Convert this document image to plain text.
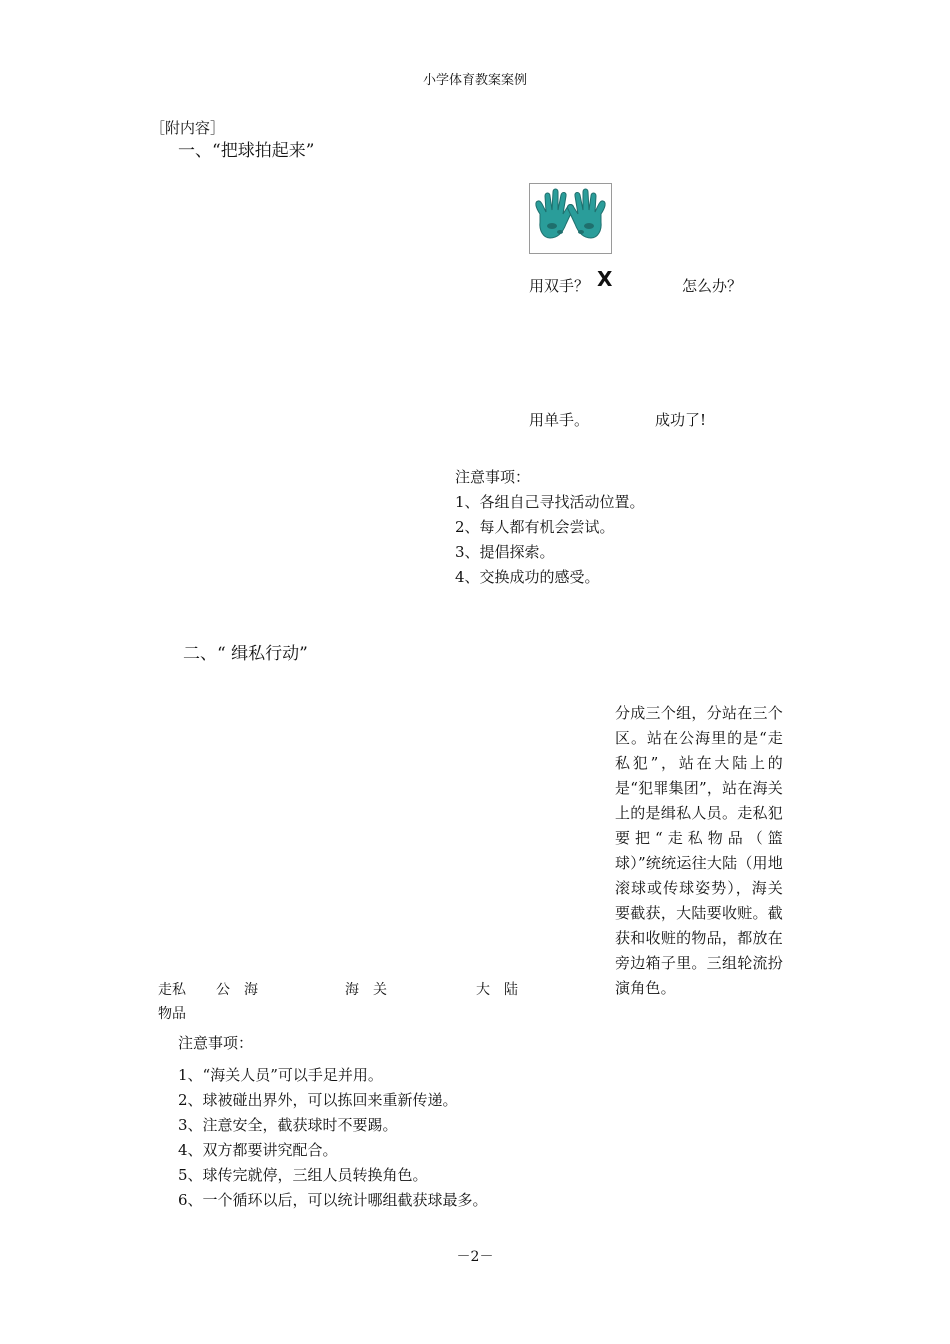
小学体育教案案例
［附内容］
一、“把球拍起来”
用双手？ X	怎么办？
用单手。	成功了!
注意事项：
1、各组自己寻找活动位置。
2、每人都有机会尝试。
3、提倡探索。
4、交换成功的感受。
二、“ 缉私行动”
分成三个组，分站在三个区。站在公海里的是“走私犯”，站在大陆上的是“犯罪集团”，站在海关上的是缉私人员。走私犯要把“走私物品（篮球）”统统运往大陆（用地滚球或传球姿势），海关要截获，大陆要收赃。截获和收赃的物品，都放在旁边箱子里。三组轮流扮演角色。
走私
物品
公　海	海　关	大　陆
注意事项：
1、“海关人员”可以手足并用。
2、球被碰出界外，可以拣回来重新传递。
3、注意安全，截获球时不要踢。
4、双方都要讲究配合。
5、球传完就停，三组人员转换角色。
6、一个循环以后，可以统计哪组截获球最多。
－2－
